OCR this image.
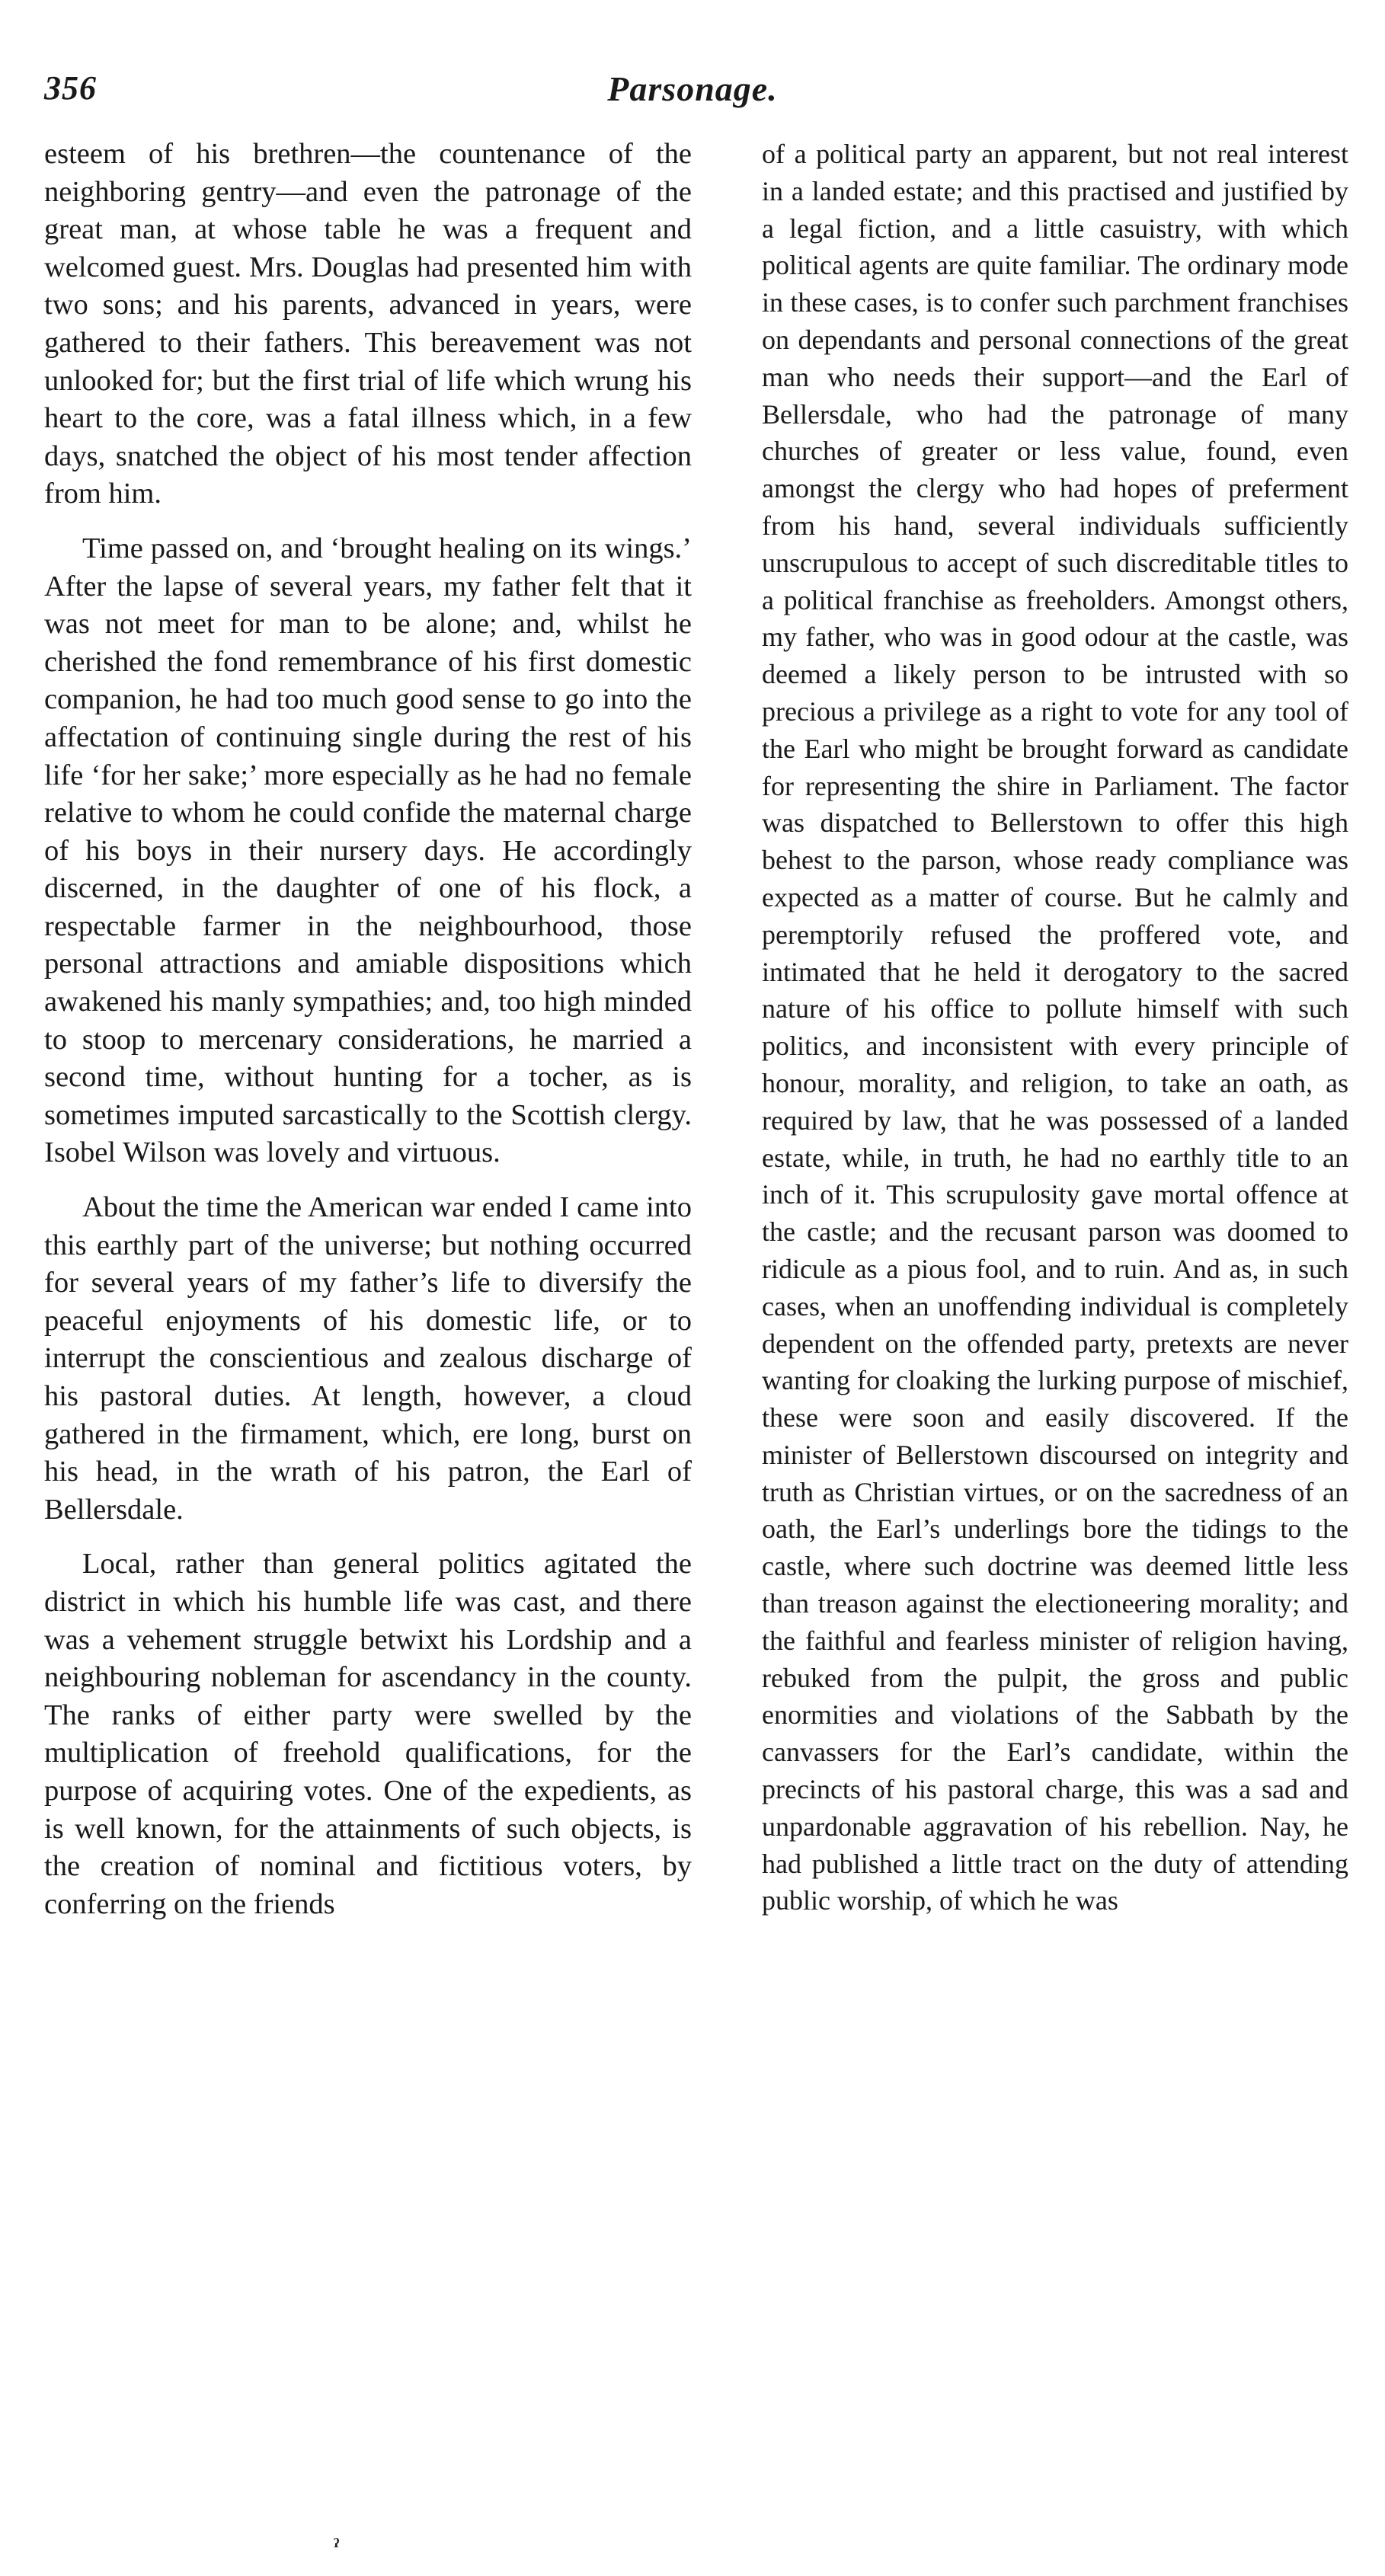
356	Parsonage.

esteem of his brethren—the countenance of the neighboring gentry—and even the patronage of the great man, at whose table he was a frequent and welcomed guest. Mrs. Douglas had presented him with two sons; and his parents, advanced in years, were gathered to their fathers. This bereavement was not unlooked for; but the first trial of life which wrung his heart to the core, was a fatal illness which, in a few days, snatched the object of his most tender affection from him.

Time passed on, and ‘brought healing on its wings.’ After the lapse of several years, my father felt that it was not meet for man to be alone; and, whilst he cherished the fond remembrance of his first domestic companion, he had too much good sense to go into the affectation of continuing single during the rest of his life ‘for her sake;’ more especially as he had no female relative to whom he could confide the maternal charge of his boys in their nursery days. He accordingly discerned, in the daughter of one of his flock, a respectable farmer in the neighbourhood, those personal attractions and amiable dispositions which awakened his manly sympathies; and, too high minded to stoop to mercenary considerations, he married a second time, without hunting for a tocher, as is sometimes imputed sarcastically to the Scottish clergy. Isobel Wilson was lovely and virtuous.

About the time the American war ended I came into this earthly part of the universe; but nothing occurred for several years of my father’s life to diversify the peaceful enjoyments of his domestic life, or to interrupt the conscientious and zealous discharge of his pastoral duties. At length, however, a cloud gathered in the firmament, which, ere long, burst on his head, in the wrath of his patron, the Earl of Bellersdale.

Local, rather than general politics agitated the district in which his humble life was cast, and there was a vehement struggle betwixt his Lordship and a neighbouring nobleman for ascendancy in the county. The ranks of either party were swelled by the multiplication of freehold qualifications, for the purpose of acquiring votes. One of the expedients, as is well known, for the attainments of such objects, is the creation of nominal and fictitious voters, by conferring on the friends

of a political party an apparent, but not real interest in a landed estate; and this practised and justified by a legal fiction, and a little casuistry, with which political agents are quite familiar. The ordinary mode in these cases, is to confer such parchment franchises on dependants and personal connections of the great man who needs their support—and the Earl of Bellersdale, who had the patronage of many churches of greater or less value, found, even amongst the clergy who had hopes of preferment from his hand, several individuals sufficiently unscrupulous to accept of such discreditable titles to a political franchise as freeholders. Amongst others, my father, who was in good odour at the castle, was deemed a likely person to be intrusted with so precious a privilege as a right to vote for any tool of the Earl who might be brought forward as candidate for representing the shire in Parliament. The factor was dispatched to Bellerstown to offer this high behest to the parson, whose ready compliance was expected as a matter of course. But he calmly and peremptorily refused the proffered vote, and intimated that he held it derogatory to the sacred nature of his office to pollute himself with such politics, and inconsistent with every principle of honour, morality, and religion, to take an oath, as required by law, that he was possessed of a landed estate, while, in truth, he had no earthly title to an inch of it. This scrupulosity gave mortal offence at the castle; and the recusant parson was doomed to ridicule as a pious fool, and to ruin. And as, in such cases, when an unoffending individual is completely dependent on the offended party, pretexts are never wanting for cloaking the lurking purpose of mischief, these were soon and easily discovered. If the minister of Bellerstown discoursed on integrity and truth as Christian virtues, or on the sacredness of an oath, the Earl’s underlings bore the tidings to the castle, where such doctrine was deemed little less than treason against the electioneering morality; and the faithful and fearless minister of religion having, rebuked from the pulpit, the gross and public enormities and violations of the Sabbath by the canvassers for the Earl’s candidate, within the precincts of his pastoral charge, this was a sad and unpardonable aggravation of his rebellion. Nay, he had published a little tract on the duty of attending public worship, of which he was

ˀ
